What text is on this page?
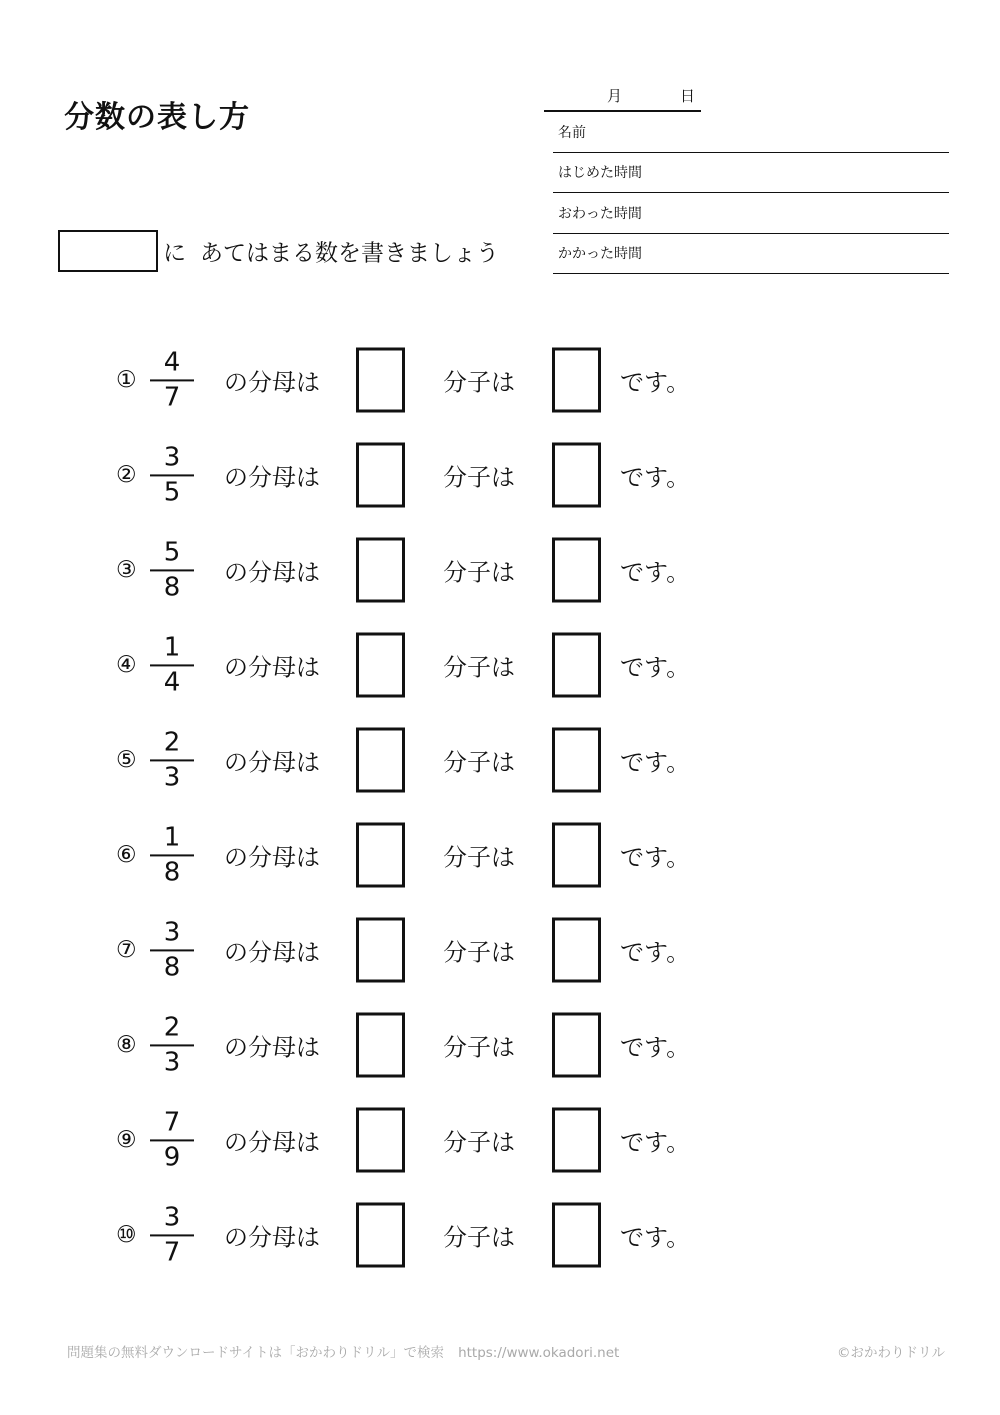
分数の表し方
月	日
名前
はじめた時間
おわった時間
かかった時間
に あてはまる数を書きましょう
① $\frac{4}{7}$ の分母は	分子は	です。
② $\frac{3}{5}$ の分母は	分子は	です。
③ $\frac{5}{8}$ の分母は	分子は	です。
④ $\frac{1}{4}$ の分母は	分子は	です。
⑤ $\frac{2}{3}$ の分母は	分子は	です。
⑥ $\frac{1}{8}$ の分母は	分子は	です。
⑦ $\frac{3}{8}$ の分母は	分子は	です。
⑧ $\frac{2}{3}$ の分母は	分子は	です。
⑨ $\frac{7}{9}$ の分母は	分子は	です。
⑩ $\frac{3}{7}$ の分母は	分子は	です。
問題集の無料ダウンロードサイトは「おかわりドリル」で検索 https://www.okadori.net	©おかわりドリル
